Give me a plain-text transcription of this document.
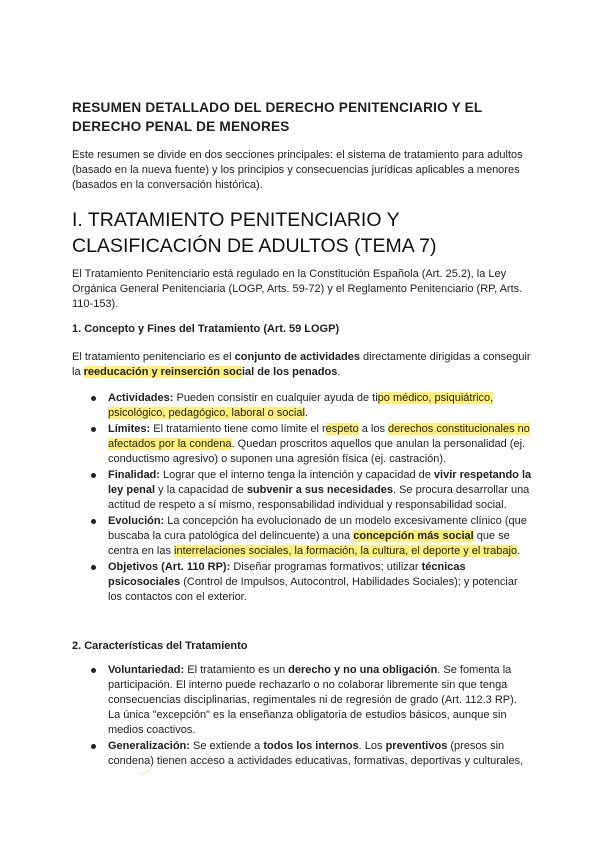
RESUMEN DETALLADO DEL DERECHO PENITENCIARIO Y EL DERECHO PENAL DE MENORES

Este resumen se divide en dos secciones principales: el sistema de tratamiento para adultos (basado en la nueva fuente) y los principios y consecuencias jurídicas aplicables a menores (basados en la conversación histórica).

I. TRATAMIENTO PENITENCIARIO Y CLASIFICACIÓN DE ADULTOS (TEMA 7)

El Tratamiento Penitenciario está regulado en la Constitución Española (Art. 25.2), la Ley Orgánica General Penitenciaria (LOGP, Arts. 59-72) y el Reglamento Penitenciario (RP, Arts. 110-153).

1. Concepto y Fines del Tratamiento (Art. 59 LOGP)

El tratamiento penitenciario es el conjunto de actividades directamente dirigidas a conseguir la reeducación y reinserción social de los penados.

Actividades: Pueden consistir en cualquier ayuda de tipo médico, psiquiátrico, psicológico, pedagógico, laboral o social.
Límites: El tratamiento tiene como límite el respeto a los derechos constitucionales no afectados por la condena. Quedan proscritos aquellos que anulan la personalidad (ej. conductismo agresivo) o suponen una agresión física (ej. castración).
Finalidad: Lograr que el interno tenga la intención y capacidad de vivir respetando la ley penal y la capacidad de subvenir a sus necesidades. Se procura desarrollar una actitud de respeto a sí mismo, responsabilidad individual y responsabilidad social.
Evolución: La concepción ha evolucionado de un modelo excesivamente clínico (que buscaba la cura patológica del delincuente) a una concepción más social que se centra en las interrelaciones sociales, la formación, la cultura, el deporte y el trabajo.
Objetivos (Art. 110 RP): Diseñar programas formativos; utilizar técnicas psicosociales (Control de Impulsos, Autocontrol, Habilidades Sociales); y potenciar los contactos con el exterior.

2. Características del Tratamiento

Voluntariedad: El tratamiento es un derecho y no una obligación. Se fomenta la participación. El interno puede rechazarlo o no colaborar libremente sin que tenga consecuencias disciplinarias, regimentales ni de regresión de grado (Art. 112.3 RP). La única "excepción" es la enseñanza obligatoria de estudios básicos, aunque sin medios coactivos.
Generalización: Se extiende a todos los internos. Los preventivos (presos sin condena) tienen acceso a actividades educativas, formativas, deportivas y culturales,
